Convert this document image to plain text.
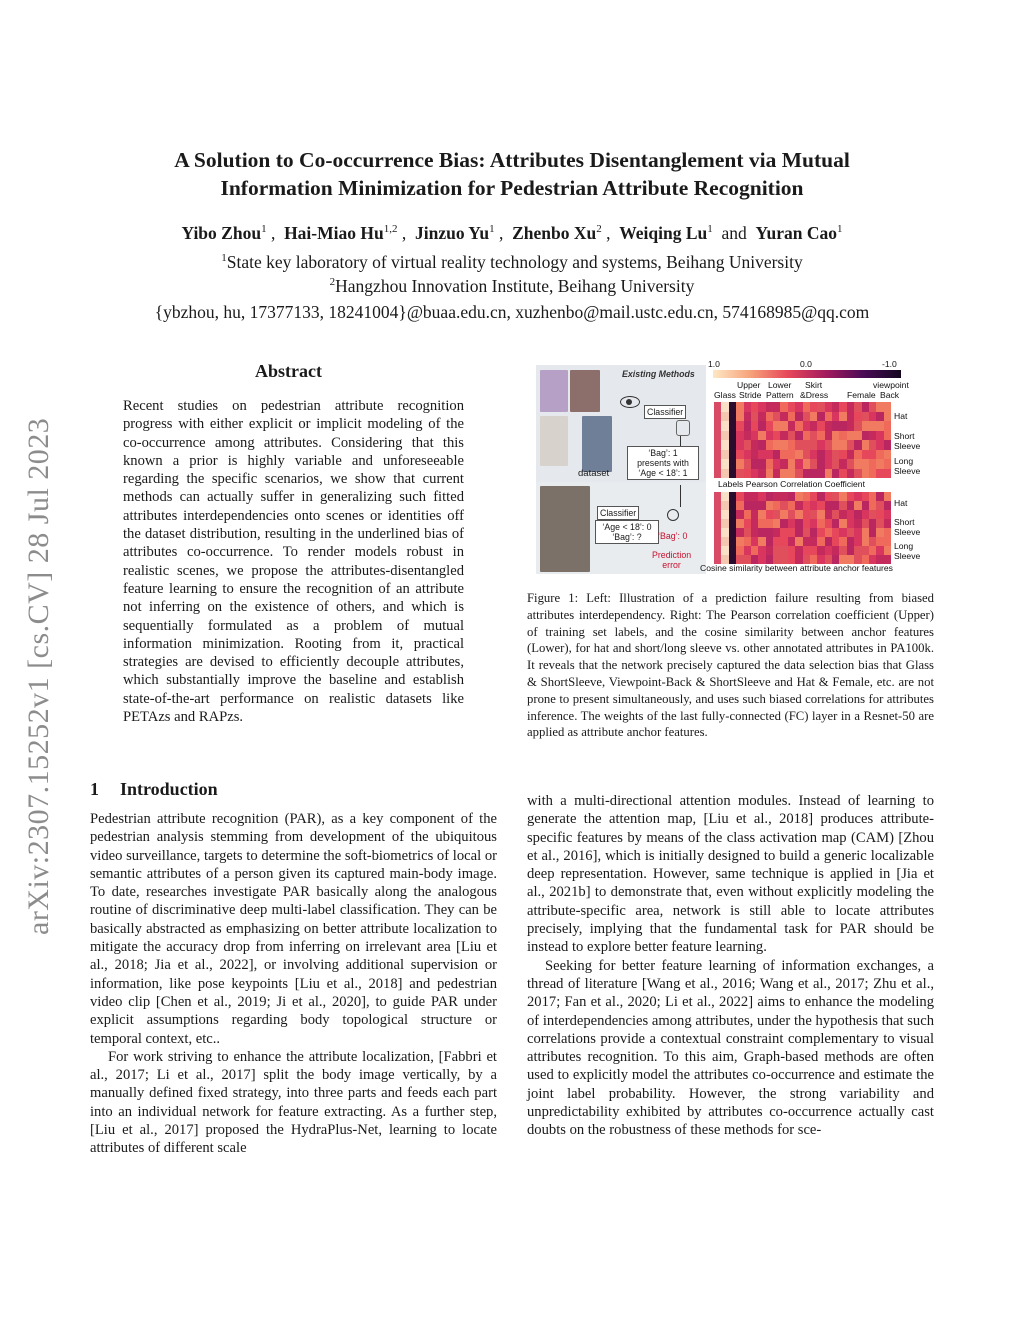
arXiv:2307.15252v1 [cs.CV] 28 Jul 2023
A Solution to Co-occurrence Bias: Attributes Disentanglement via Mutual
Information Minimization for Pedestrian Attribute Recognition
Yibo Zhou$^1$ ,  Hai-Miao Hu$^{1,2}$ ,  Jinzuo Yu$^1$ ,  Zhenbo Xu$^2$ ,  Weiqing Lu$^1$ and Yuran Cao$^1$
$^1$State key laboratory of virtual reality technology and systems, Beihang University
$^2$Hangzhou Innovation Institute, Beihang University
{ybzhou, hu, 17377133, 18241004}@buaa.edu.cn, xuzhenbo@mail.ustc.edu.cn, 574168985@qq.com
Abstract
Recent studies on pedestrian attribute recognition progress with either explicit or implicit modeling of the co-occurrence among attributes. Considering that this known a prior is highly variable and unforeseeable regarding the specific scenarios, we show that current methods can actually suffer in generalizing such fitted attributes interdependencies onto scenes or identities off the dataset distribution, resulting in the underlined bias of attributes co-occurrence. To render models robust in realistic scenes, we propose the attributes-disentangled feature learning to ensure the recognition of an attribute not inferring on the existence of others, and which is sequentially formulated as a problem of mutual information minimization. Rooting from it, practical strategies are devised to efficiently decouple attributes, which substantially improve the baseline and establish state-of-the-art performance on realistic datasets like PETAzs and RAPzs.
1 Introduction

Pedestrian attribute recognition (PAR), as a key component of the pedestrian analysis stemming from development of the ubiquitous video surveillance, targets to determine the soft-biometrics of local or semantic attributes of a person given its captured main-body image. To date, researches investigate PAR basically along the analogous routine of discriminative deep multi-label classification. They can be basically abstracted as emphasizing on better attribute localization to mitigate the accuracy drop from inferring on irrelevant area [Liu et al., 2018; Jia et al., 2022], or involving additional supervision or information, like pose keypoints [Liu et al., 2018] and pedestrian video clip [Chen et al., 2019; Ji et al., 2020], to guide PAR under explicit assumptions regarding body topological structure or temporal context, etc..

For work striving to enhance the attribute localization, [Fabbri et al., 2017; Li et al., 2017] split the body image vertically, by a manually defined fixed strategy, into three parts and feeds each part into an individual network for feature extracting. As a further step, [Liu et al., 2017] proposed the HydraPlus-Net, learning to locate attributes of different scale

with a multi-directional attention modules. Instead of learning to generate the attention map, [Liu et al., 2018] produces attribute-specific features by means of the class activation map (CAM) [Zhou et al., 2016], which is initially designed to build a generic localizable deep representation. However, same technique is applied in [Jia et al., 2021b] to demonstrate that, even without explicitly modeling the attribute-specific area, network is still able to locate attributes precisely, implying that the fundamental task for PAR should be instead to explore better feature learning.

Seeking for better feature learning of information exchanges, a thread of literature [Wang et al., 2016; Wang et al., 2017; Zhu et al., 2017; Fan et al., 2020; Li et al., 2022] aims to enhance the modeling of interdependencies among attributes, under the hypothesis that such correlations provide a contextual constraint complementary to visual attributes recognition. To this aim, Graph-based methods are often used to explicitly model the attributes co-occurrence and estimate the joint label probability. However, the strong variability and unpredictability exhibited by attributes co-occurrence actually cast doubts on the robustness of these methods for sce-

Existing Methods
dataset
Classifier
‘Bag’: 1
presents with
‘Age < 18’: 1
Classifier
‘Age < 18’: 0
‘Bag’: ?	‘Bag’: 0
Prediction
error
1.0	0.0	-1.0
Upper Lower Skirt	viewpoint
Glass Stride Pattern &Dress Female Back
Hat
Short
Sleeve
Long
Sleeve
Labels Pearson Correlation Coefficient
Hat
Short
Sleeve
Long
Sleeve
Cosine similarity between attribute anchor features
Figure 1: Left: Illustration of a prediction failure resulting from biased attributes interdependency. Right: The Pearson correlation coefficient (Upper) of training set labels, and the cosine similarity between anchor features (Lower), for hat and short/long sleeve vs. other annotated attributes in PA100k. It reveals that the network precisely captured the data selection bias that Glass & ShortSleeve, Viewpoint-Back & ShortSleeve and Hat & Female, etc. are not prone to present simultaneously, and uses such biased correlations for attributes inference. The weights of the last fully-connected (FC) layer in a Resnet-50 are applied as attribute anchor features.
